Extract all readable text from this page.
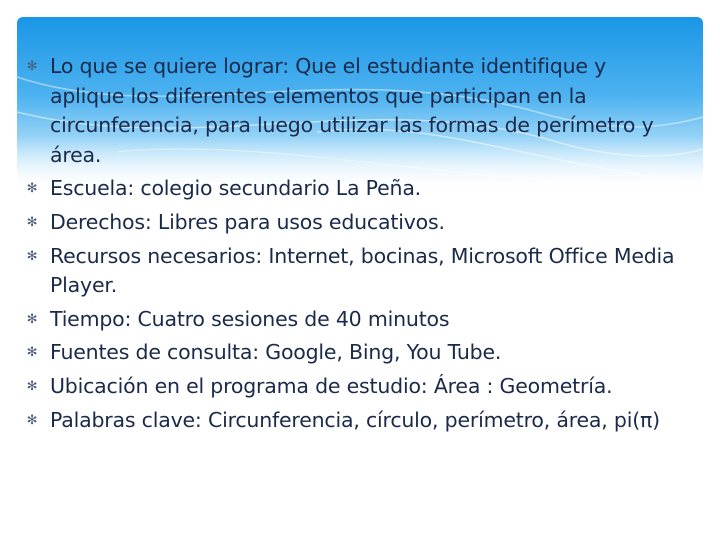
✻ Lo que se quiere lograr: Que el estudiante identifique y aplique los diferentes elementos que participan en la circunferencia, para luego utilizar las formas de perímetro y área.
✻ Escuela: colegio secundario La Peña.
✻ Derechos: Libres para usos educativos.
✻ Recursos necesarios: Internet, bocinas, Microsoft Office Media Player.
✻ Tiempo: Cuatro sesiones de 40 minutos
✻ Fuentes de consulta: Google, Bing, You Tube.
✻ Ubicación en el programa de estudio: Área : Geometría.
✻ Palabras clave: Circunferencia, círculo, perímetro, área, pi(π)
